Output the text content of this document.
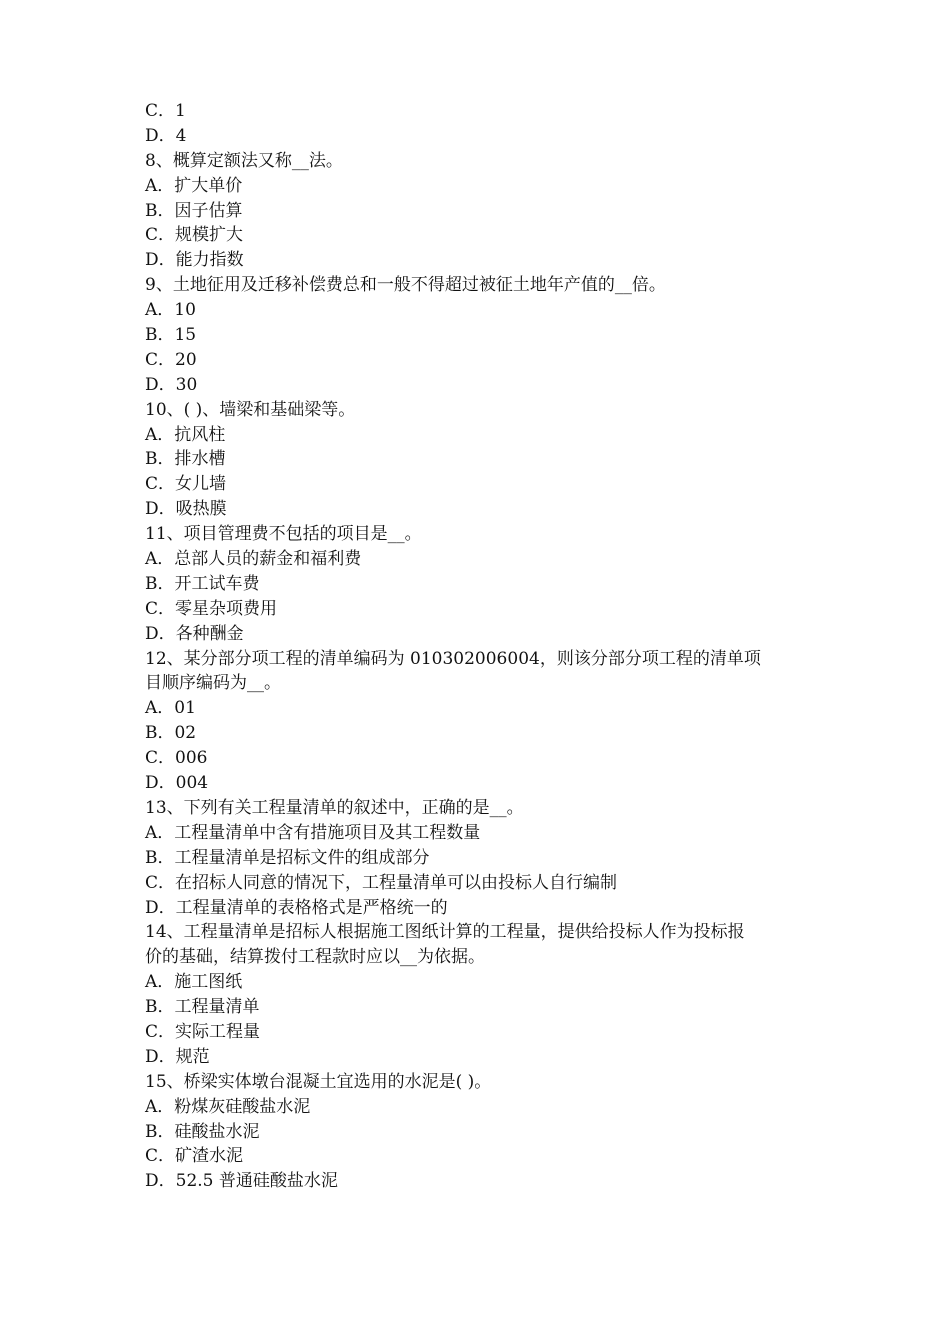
C．1
D．4
8、概算定额法又称__法。
A．扩大单价
B．因子估算
C．规模扩大
D．能力指数
9、土地征用及迁移补偿费总和一般不得超过被征土地年产值的__倍。
A．10
B．15
C．20
D．30
10、( )、墙梁和基础梁等。
A．抗风柱
B．排水槽
C．女儿墙
D．吸热膜
11、项目管理费不包括的项目是__。
A．总部人员的薪金和福利费
B．开工试车费
C．零星杂项费用
D．各种酬金
12、某分部分项工程的清单编码为 010302006004，则该分部分项工程的清单项
目顺序编码为__。
A．01
B．02
C．006
D．004
13、下列有关工程量清单的叙述中，正确的是__。
A．工程量清单中含有措施项目及其工程数量
B．工程量清单是招标文件的组成部分
C．在招标人同意的情况下，工程量清单可以由投标人自行编制
D．工程量清单的表格格式是严格统一的
14、工程量清单是招标人根据施工图纸计算的工程量，提供给投标人作为投标报
价的基础，结算拨付工程款时应以__为依据。
A．施工图纸
B．工程量清单
C．实际工程量
D．规范
15、桥梁实体墩台混凝土宜选用的水泥是( )。
A．粉煤灰硅酸盐水泥
B．硅酸盐水泥
C．矿渣水泥
D．52.5 普通硅酸盐水泥
